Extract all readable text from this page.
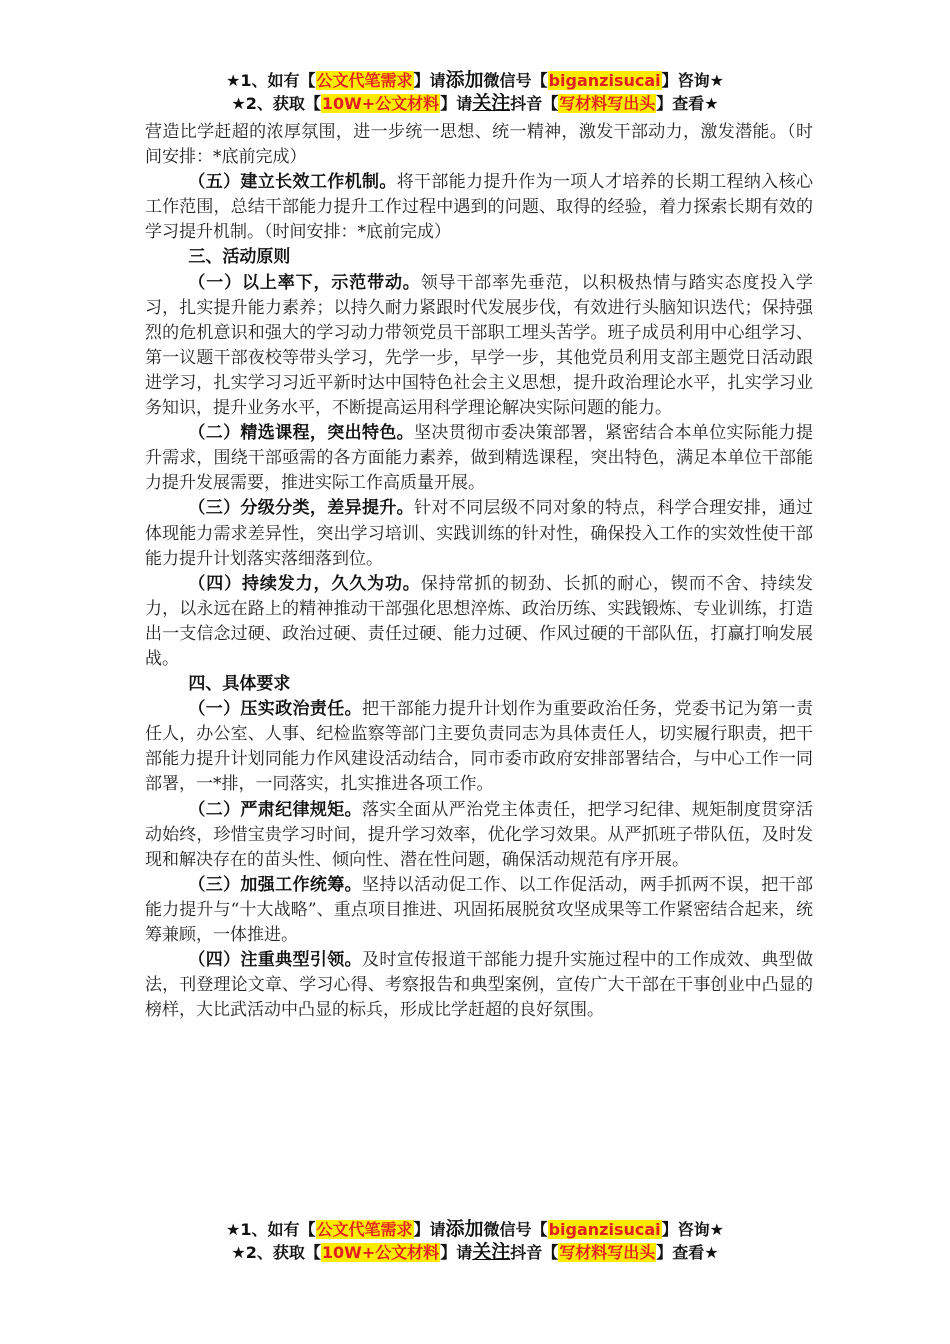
★1、如有【公文代笔需求】请添加微信号【biganzisucai】咨询★
★2、获取【10W+公文材料】请关注抖音【写材料写出头】查看★

营造比学赶超的浓厚氛围，进一步统一思想、统一精神，激发干部动力，激发潜能。（时间安排：*底前完成）

（五）建立长效工作机制。将干部能力提升作为一项人才培养的长期工程纳入核心工作范围，总结干部能力提升工作过程中遇到的问题、取得的经验，着力探索长期有效的学习提升机制。（时间安排：*底前完成）

三、活动原则

（一）以上率下，示范带动。领导干部率先垂范，以积极热情与踏实态度投入学习，扎实提升能力素养；以持久耐力紧跟时代发展步伐，有效进行头脑知识迭代；保持强烈的危机意识和强大的学习动力带领党员干部职工埋头苦学。班子成员利用中心组学习、第一议题干部夜校等带头学习，先学一步，早学一步，其他党员利用支部主题党日活动跟进学习，扎实学习习近平新时达中国特色社会主义思想，提升政治理论水平，扎实学习业务知识，提升业务水平，不断提高运用科学理论解决实际问题的能力。

（二）精选课程，突出特色。坚决贯彻市委决策部署，紧密结合本单位实际能力提升需求，围绕干部亟需的各方面能力素养，做到精选课程，突出特色，满足本单位干部能力提升发展需要，推进实际工作高质量开展。

（三）分级分类，差异提升。针对不同层级不同对象的特点，科学合理安排，通过体现能力需求差异性，突出学习培训、实践训练的针对性，确保投入工作的实效性使干部能力提升计划落实落细落到位。

（四）持续发力，久久为功。保持常抓的韧劲、长抓的耐心，锲而不舍、持续发力，以永远在路上的精神推动干部强化思想淬炼、政治历练、实践锻炼、专业训练，打造出一支信念过硬、政治过硬、责任过硬、能力过硬、作风过硬的干部队伍，打赢打响发展战。

四、具体要求

（一）压实政治责任。把干部能力提升计划作为重要政治任务，党委书记为第一责任人，办公室、人事、纪检监察等部门主要负责同志为具体责任人，切实履行职责，把干部能力提升计划同能力作风建设活动结合，同市委市政府安排部署结合，与中心工作一同部署，一*排，一同落实，扎实推进各项工作。

（二）严肃纪律规矩。落实全面从严治党主体责任，把学习纪律、规矩制度贯穿活动始终，珍惜宝贵学习时间，提升学习效率，优化学习效果。从严抓班子带队伍，及时发现和解决存在的苗头性、倾向性、潜在性问题，确保活动规范有序开展。

（三）加强工作统筹。坚持以活动促工作、以工作促活动，两手抓两不误，把干部能力提升与“十大战略”、重点项目推进、巩固拓展脱贫攻坚成果等工作紧密结合起来，统筹兼顾，一体推进。

（四）注重典型引领。及时宣传报道干部能力提升实施过程中的工作成效、典型做法，刊登理论文章、学习心得、考察报告和典型案例，宣传广大干部在干事创业中凸显的榜样，大比武活动中凸显的标兵，形成比学赶超的良好氛围。

★1、如有【公文代笔需求】请添加微信号【biganzisucai】咨询★
★2、获取【10W+公文材料】请关注抖音【写材料写出头】查看★
